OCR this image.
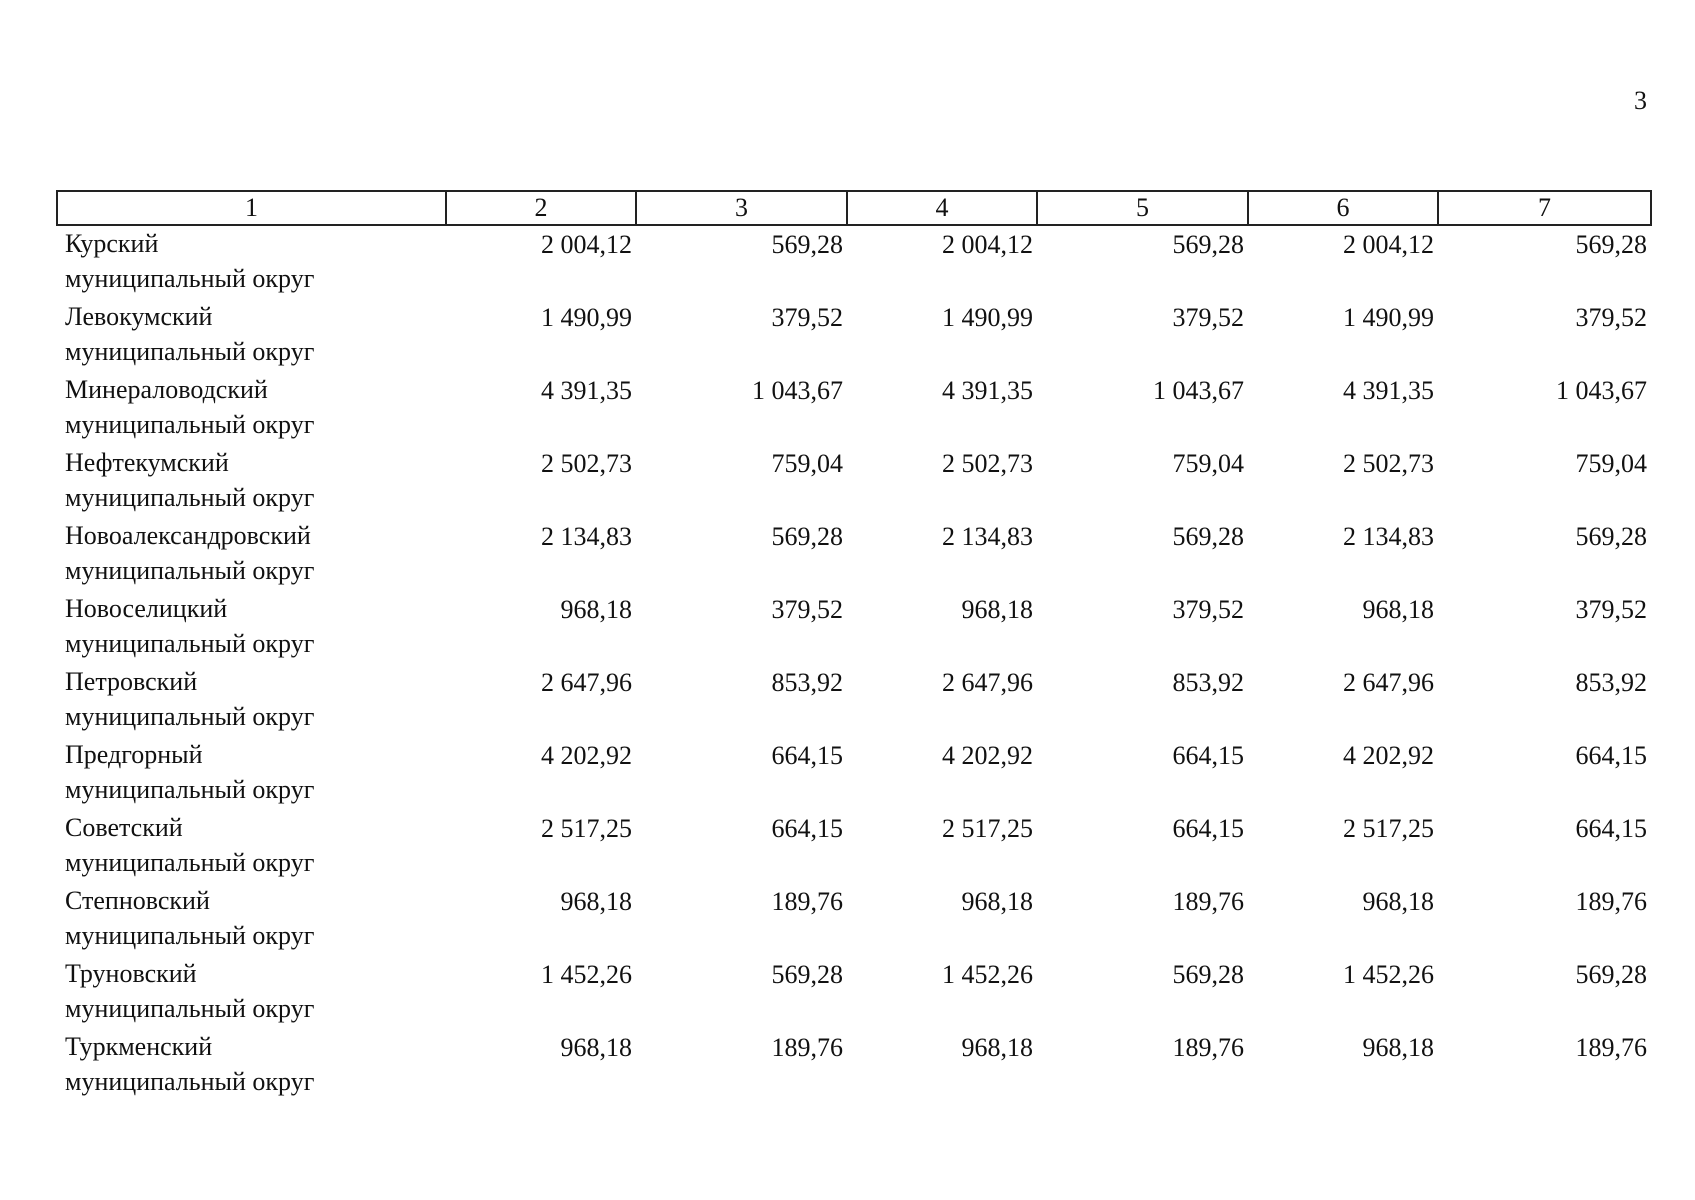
3
1	2	3	4	5	6	7

Курский
муниципальный округ	2 004,12	569,28	2 004,12	569,28	2 004,12	569,28

Левокумский
муниципальный округ	1 490,99	379,52	1 490,99	379,52	1 490,99	379,52

Минераловодский
муниципальный округ	4 391,35	1 043,67	4 391,35	1 043,67	4 391,35	1 043,67

Нефтекумский
муниципальный округ	2 502,73	759,04	2 502,73	759,04	2 502,73	759,04

Новоалександровский
муниципальный округ	2 134,83	569,28	2 134,83	569,28	2 134,83	569,28

Новоселицкий
муниципальный округ	968,18	379,52	968,18	379,52	968,18	379,52

Петровский
муниципальный округ	2 647,96	853,92	2 647,96	853,92	2 647,96	853,92

Предгорный
муниципальный округ	4 202,92	664,15	4 202,92	664,15	4 202,92	664,15

Советский
муниципальный округ	2 517,25	664,15	2 517,25	664,15	2 517,25	664,15

Степновский
муниципальный округ	968,18	189,76	968,18	189,76	968,18	189,76

Труновский
муниципальный округ	1 452,26	569,28	1 452,26	569,28	1 452,26	569,28

Туркменский
муниципальный округ	968,18	189,76	968,18	189,76	968,18	189,76
